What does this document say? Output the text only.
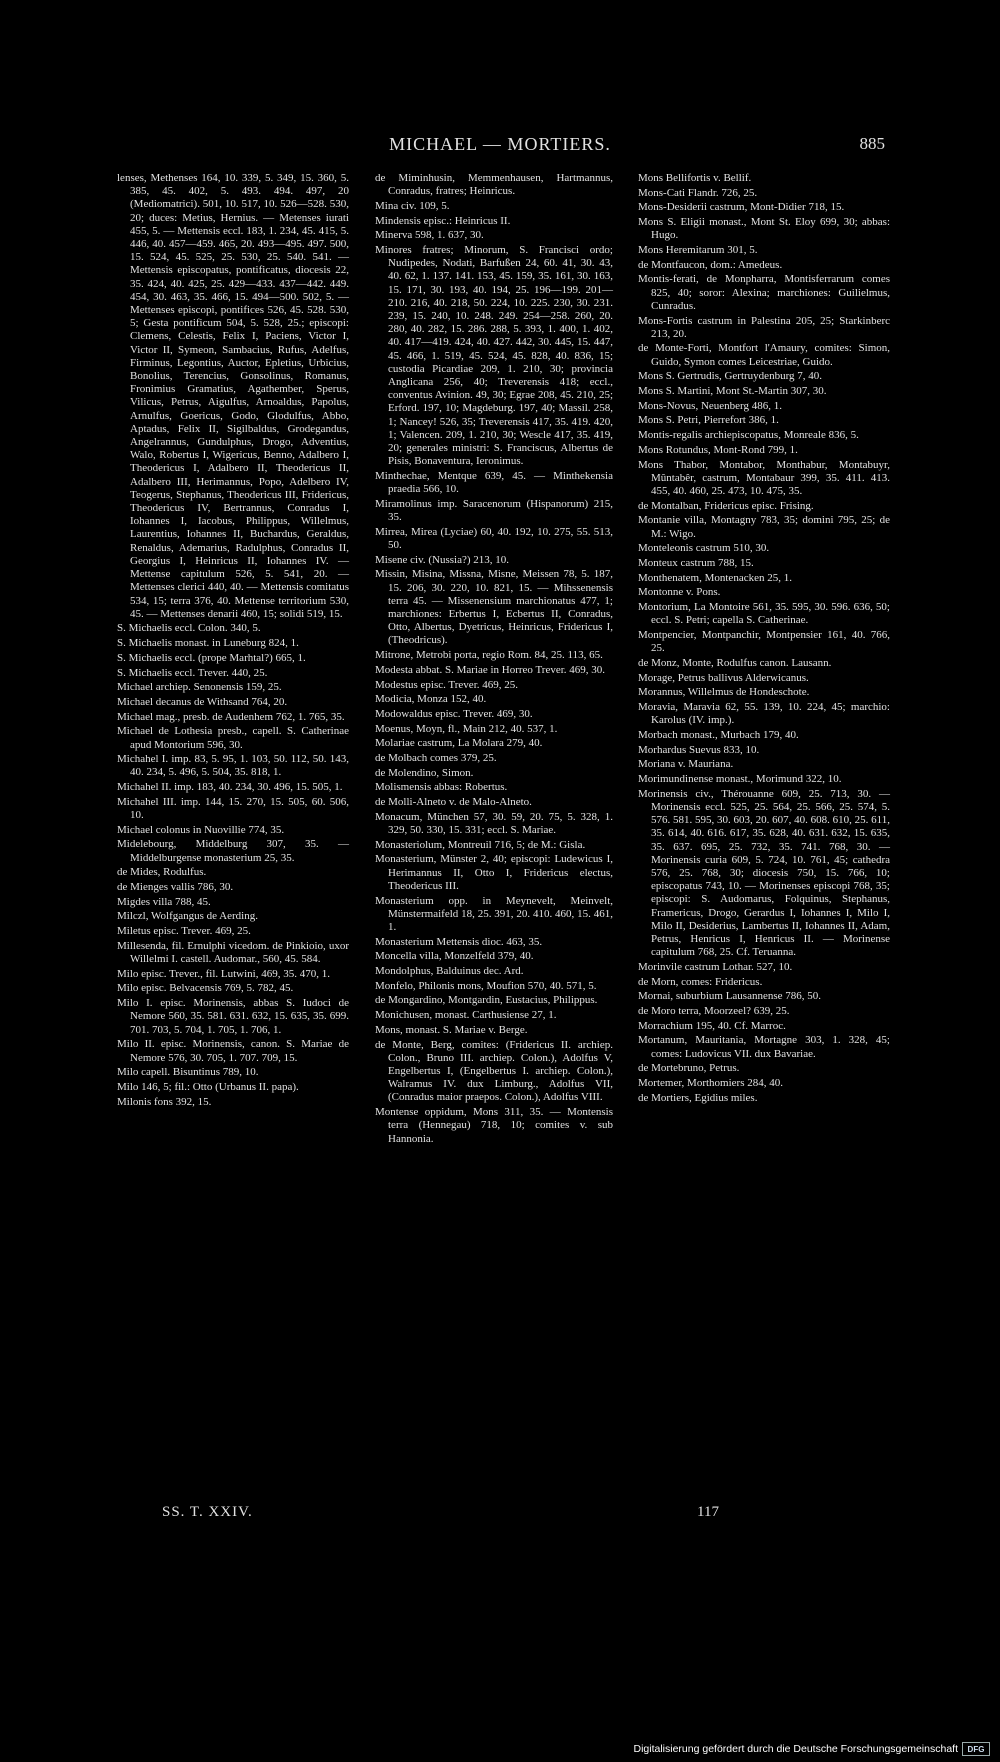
MICHAEL — MORTIERS.	885

lenses, Methenses 164, 10. 339, 5. 349, 15. 360, 5. 385, 45. 402, 5. 493. 494. 497, 20 (Mediomatrici). 501, 10. 517, 10. 526—528. 530, 20; duces: Metius, Hernius. — Metenses iurati 455, 5. — Mettensis eccl. 183, 1. 234, 45. 415, 5. 446, 40. 457—459. 465, 20. 493—495. 497. 500, 15. 524, 45. 525, 25. 530, 25. 540. 541. — Mettensis episcopatus, pontificatus, diocesis 22, 35. 424, 40. 425, 25. 429—433. 437—442. 449. 454, 30. 463, 35. 466, 15. 494—500. 502, 5. — Mettenses episcopi, pontifices 526, 45. 528. 530, 5; Gesta pontificum 504, 5. 528, 25.; episcopi: Clemens, Celestis, Felix I, Paciens, Victor I, Victor II, Symeon, Sambacius, Rufus, Adelfus, Firminus, Legontius, Auctor, Epletius, Urbicius, Bonolius, Terencius, Gonsolinus, Romanus, Fronimius Gramatius, Agathember, Sperus, Vilicus, Petrus, Aigulfus, Arnoaldus, Papolus, Arnulfus, Goericus, Godo, Glodulfus, Abbo, Aptadus, Felix II, Sigilbaldus, Grodegandus, Angelrannus, Gundulphus, Drogo, Adventius, Walo, Robertus I, Wigericus, Benno, Adalbero I, Theodericus I, Adalbero II, Theodericus II, Adalbero III, Herimannus, Popo, Adelbero IV, Teogerus, Stephanus, Theodericus III, Fridericus, Theodericus IV, Bertrannus, Conradus I, Iohannes I, Iacobus, Philippus, Willelmus, Laurentius, Iohannes II, Buchardus, Geraldus, Renaldus, Ademarius, Radulphus, Conradus II, Georgius I, Heinricus II, Iohannes IV. — Mettense capitulum 526, 5. 541, 20. — Mettenses clerici 440, 40. — Mettensis comitatus 534, 15; terra 376, 40. Mettense territorium 530, 45. — Mettenses denarii 460, 15; solidi 519, 15.

S. Michaelis eccl. Colon. 340, 5.

S. Michaelis monast. in Luneburg 824, 1.

S. Michaelis eccl. (prope Marhtal?) 665, 1.

S. Michaelis eccl. Trever. 440, 25.

Michael archiep. Senonensis 159, 25.

Michael decanus de Withsand 764, 20.

Michael mag., presb. de Audenhem 762, 1. 765, 35.

Michael de Lothesia presb., capell. S. Catherinae apud Montorium 596, 30.

Michahel I. imp. 83, 5. 95, 1. 103, 50. 112, 50. 143, 40. 234, 5. 496, 5. 504, 35. 818, 1.

Michahel II. imp. 183, 40. 234, 30. 496, 15. 505, 1.

Michahel III. imp. 144, 15. 270, 15. 505, 60. 506, 10.

Michael colonus in Nuovillie 774, 35.

Midelebourg, Middelburg 307, 35. — Middelburgense monasterium 25, 35.

de Mides, Rodulfus.

de Mienges vallis 786, 30.

Migdes villa 788, 45.

Milczl, Wolfgangus de Aerding.

Miletus episc. Trever. 469, 25.

Millesenda, fil. Ernulphi vicedom. de Pinkioio, uxor Willelmi I. castell. Audomar., 560, 45. 584.

Milo episc. Trever., fil. Lutwini, 469, 35. 470, 1.

Milo episc. Belvacensis 769, 5. 782, 45.

Milo I. episc. Morinensis, abbas S. Iudoci de Nemore 560, 35. 581. 631. 632, 15. 635, 35. 699. 701. 703, 5. 704, 1. 705, 1. 706, 1.

Milo II. episc. Morinensis, canon. S. Mariae de Nemore 576, 30. 705, 1. 707. 709, 15.

Milo capell. Bisuntinus 789, 10.

Milo 146, 5; fil.: Otto (Urbanus II. papa).

Milonis fons 392, 15.

de Miminhusin, Memmenhausen, Hartmannus, Conradus, fratres; Heinricus.

Mina civ. 109, 5.

Mindensis episc.: Heinricus II.

Minerva 598, 1. 637, 30.

Minores fratres; Minorum, S. Francisci ordo; Nudipedes, Nodati, Barfußen 24, 60. 41, 30. 43, 40. 62, 1. 137. 141. 153, 45. 159, 35. 161, 30. 163, 15. 171, 30. 193, 40. 194, 25. 196—199. 201—210. 216, 40. 218, 50. 224, 10. 225. 230, 30. 231. 239, 15. 240, 10. 248. 249. 254—258. 260, 20. 280, 40. 282, 15. 286. 288, 5. 393, 1. 400, 1. 402, 40. 417—419. 424, 40. 427. 442, 30. 445, 15. 447, 45. 466, 1. 519, 45. 524, 45. 828, 40. 836, 15; custodia Picardiae 209, 1. 210, 30; provincia Anglicana 256, 40; Treverensis 418; eccl., conventus Avinion. 49, 30; Egrae 208, 45. 210, 25; Erford. 197, 10; Magdeburg. 197, 40; Massil. 258, 1; Nancey! 526, 35; Treverensis 417, 35. 419. 420, 1; Valencen. 209, 1. 210, 30; Wescle 417, 35. 419, 20; generales ministri: S. Franciscus, Albertus de Pisis, Bonaventura, Ieronimus.

Minthechae, Mentque 639, 45. — Minthekensia praedia 566, 10.

Miramolinus imp. Saracenorum (Hispanorum) 215, 35.

Mirrea, Mirea (Lyciae) 60, 40. 192, 10. 275, 55. 513, 50.

Misene civ. (Nussia?) 213, 10.

Missin, Misina, Missna, Misne, Meissen 78, 5. 187, 15. 206, 30. 220, 10. 821, 15. — Mihssenensis terra 45. — Missenensium marchionatus 477, 1; marchiones: Erbertus I, Ecbertus II, Conradus, Otto, Albertus, Dyetricus, Heinricus, Fridericus I, (Theodricus).

Mitrone, Metrobi porta, regio Rom. 84, 25. 113, 65.

Modesta abbat. S. Mariae in Horreo Trever. 469, 30.

Modestus episc. Trever. 469, 25.

Modicia, Monza 152, 40.

Modowaldus episc. Trever. 469, 30.

Moenus, Moyn, fl., Main 212, 40. 537, 1.

Molariae castrum, La Molara 279, 40.

de Molbach comes 379, 25.

de Molendino, Simon.

Molismensis abbas: Robertus.

de Molli-Alneto v. de Malo-Alneto.

Monacum, München 57, 30. 59, 20. 75, 5. 328, 1. 329, 50. 330, 15. 331; eccl. S. Mariae.

Monasteriolum, Montreuil 716, 5; de M.: Gisla.

Monasterium, Münster 2, 40; episcopi: Ludewicus I, Herimannus II, Otto I, Fridericus electus, Theodericus III.

Monasterium opp. in Meynevelt, Meinvelt, Münstermaifeld 18, 25. 391, 20. 410. 460, 15. 461, 1.

Monasterium Mettensis dioc. 463, 35.

Moncella villa, Monzelfeld 379, 40.

Mondolphus, Balduinus dec. Ard.

Monfelo, Philonis mons, Moufion 570, 40. 571, 5.

de Mongardino, Montgardin, Eustacius, Philippus.

Monichusen, monast. Carthusiense 27, 1.

Mons, monast. S. Mariae v. Berge.

de Monte, Berg, comites: (Fridericus II. archiep. Colon., Bruno III. archiep. Colon.), Adolfus V, Engelbertus I, (Engelbertus I. archiep. Colon.), Walramus IV. dux Limburg., Adolfus VII, (Conradus maior praepos. Colon.), Adolfus VIII.

Montense oppidum, Mons 311, 35. — Montensis terra (Hennegau) 718, 10; comites v. sub Hannonia.

Mons Bellifortis v. Bellif.

Mons-Cati Flandr. 726, 25.

Mons-Desiderii castrum, Mont-Didier 718, 15.

Mons S. Eligii monast., Mont St. Eloy 699, 30; abbas: Hugo.

Mons Heremitarum 301, 5.

de Montfaucon, dom.: Amedeus.

Montis-ferati, de Monpharra, Montisferrarum comes 825, 40; soror: Alexina; marchiones: Guilielmus, Cunradus.

Mons-Fortis castrum in Palestina 205, 25; Starkinberc 213, 20.

de Monte-Forti, Montfort l'Amaury, comites: Simon, Guido, Symon comes Leicestriae, Guido.

Mons S. Gertrudis, Gertruydenburg 7, 40.

Mons S. Martini, Mont St.-Martin 307, 30.

Mons-Novus, Neuenberg 486, 1.

Mons S. Petri, Pierrefort 386, 1.

Montis-regalis archiepiscopatus, Monreale 836, 5.

Mons Rotundus, Mont-Rond 799, 1.

Mons Thabor, Montabor, Monthabur, Montabuyr, Mûntabêr, castrum, Montabaur 399, 35. 411. 413. 455, 40. 460, 25. 473, 10. 475, 35.

de Montalban, Fridericus episc. Frising.

Montanie villa, Montagny 783, 35; domini 795, 25; de M.: Wigo.

Monteleonis castrum 510, 30.

Monteux castrum 788, 15.

Monthenatem, Montenacken 25, 1.

Montonne v. Pons.

Montorium, La Montoire 561, 35. 595, 30. 596. 636, 50; eccl. S. Petri; capella S. Catherinae.

Montpencier, Montpanchir, Montpensier 161, 40. 766, 25.

de Monz, Monte, Rodulfus canon. Lausann.

Morage, Petrus ballivus Alderwicanus.

Morannus, Willelmus de Hondeschote.

Moravia, Maravia 62, 55. 139, 10. 224, 45; marchio: Karolus (IV. imp.).

Morbach monast., Murbach 179, 40.

Morhardus Suevus 833, 10.

Moriana v. Mauriana.

Morimundinense monast., Morimund 322, 10.

Morinensis civ., Thérouanne 609, 25. 713, 30. — Morinensis eccl. 525, 25. 564, 25. 566, 25. 574, 5. 576. 581. 595, 30. 603, 20. 607, 40. 608. 610, 25. 611, 35. 614, 40. 616. 617, 35. 628, 40. 631. 632, 15. 635, 35. 637. 695, 25. 732, 35. 741. 768, 30. — Morinensis curia 609, 5. 724, 10. 761, 45; cathedra 576, 25. 768, 30; diocesis 750, 15. 766, 10; episcopatus 743, 10. — Morinenses episcopi 768, 35; episcopi: S. Audomarus, Folquinus, Stephanus, Framericus, Drogo, Gerardus I, Iohannes I, Milo I, Milo II, Desiderius, Lambertus II, Iohannes II, Adam, Petrus, Henricus I, Henricus II. — Morinense capitulum 768, 25. Cf. Teruanna.

Morinvile castrum Lothar. 527, 10.

de Morn, comes: Fridericus.

Mornai, suburbium Lausannense 786, 50.

de Moro terra, Moorzeel? 639, 25.

Morrachium 195, 40. Cf. Marroc.

Mortanum, Mauritania, Mortagne 303, 1. 328, 45; comes: Ludovicus VII. dux Bavariae.

de Mortebruno, Petrus.

Mortemer, Morthomiers 284, 40.

de Mortiers, Egidius miles.

SS. T. XXIV.	117
Digitalisierung gefördert durch die Deutsche Forschungsgemeinschaft	DFG
